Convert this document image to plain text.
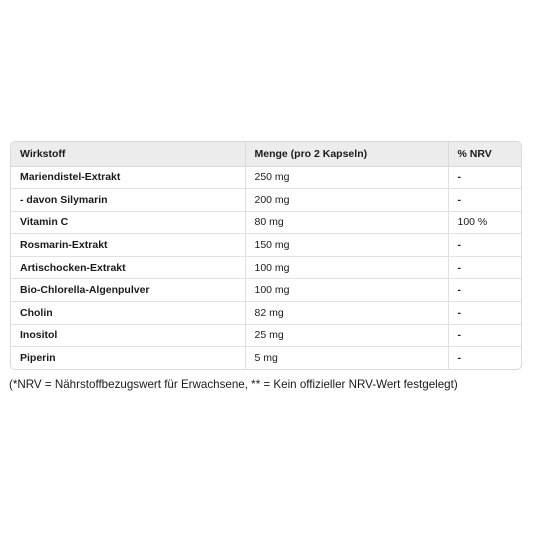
Wirkstoff	Menge (pro 2 Kapseln)	% NRV
Mariendistel-Extrakt	250 mg	-
- davon Silymarin	200 mg	-
Vitamin C	80 mg	100 %
Rosmarin-Extrakt	150 mg	-
Artischocken-Extrakt	100 mg	-
Bio-Chlorella-Algenpulver	100 mg	-
Cholin	82 mg	-
Inositol	25 mg	-
Piperin	5 mg	-
(*NRV = Nährstoffbezugswert für Erwachsene, ** = Kein offizieller NRV-Wert festgelegt)
